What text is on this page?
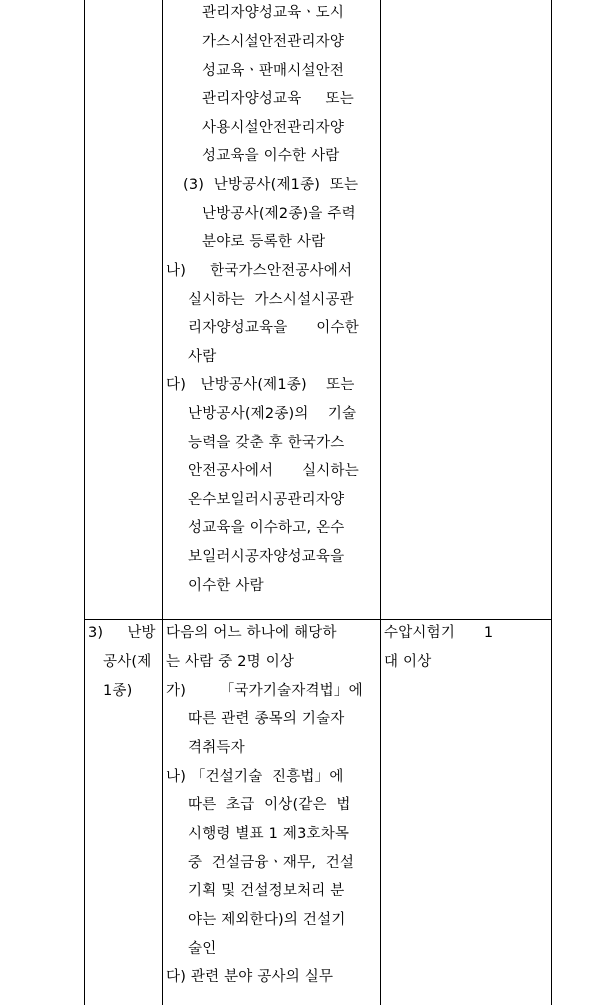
관리자양성교육ㆍ도시
가스시설안전관리자양
성교육ㆍ판매시설안전
관리자양성교육     또는
사용시설안전관리자양
성교육을 이수한 사람
(3)  난방공사(제1종)  또는
난방공사(제2종)을 주력
분야로 등록한 사람
나)     한국가스안전공사에서
실시하는  가스시설시공관
리자양성교육을      이수한
사람
다)   난방공사(제1종)    또는
난방공사(제2종)의    기술
능력을 갖춘 후 한국가스
안전공사에서      실시하는
온수보일러시공관리자양
성교육을 이수하고, 온수
보일러시공자양성교육을
이수한 사람
3)     난방
공사(제
1종)
다음의 어느 하나에 해당하
는 사람 중 2명 이상
가)       「국가기술자격법」에
따른 관련 종목의 기술자
격취득자
나) 「건설기술  진흥법」에
따른  초급  이상(같은  법
시행령 별표 1 제3호차목
중  건설금융ㆍ재무,  건설
기획 및 건설정보처리 분
야는 제외한다)의 건설기
술인
다) 관련 분야 공사의 실무
수압시험기      1
대 이상
